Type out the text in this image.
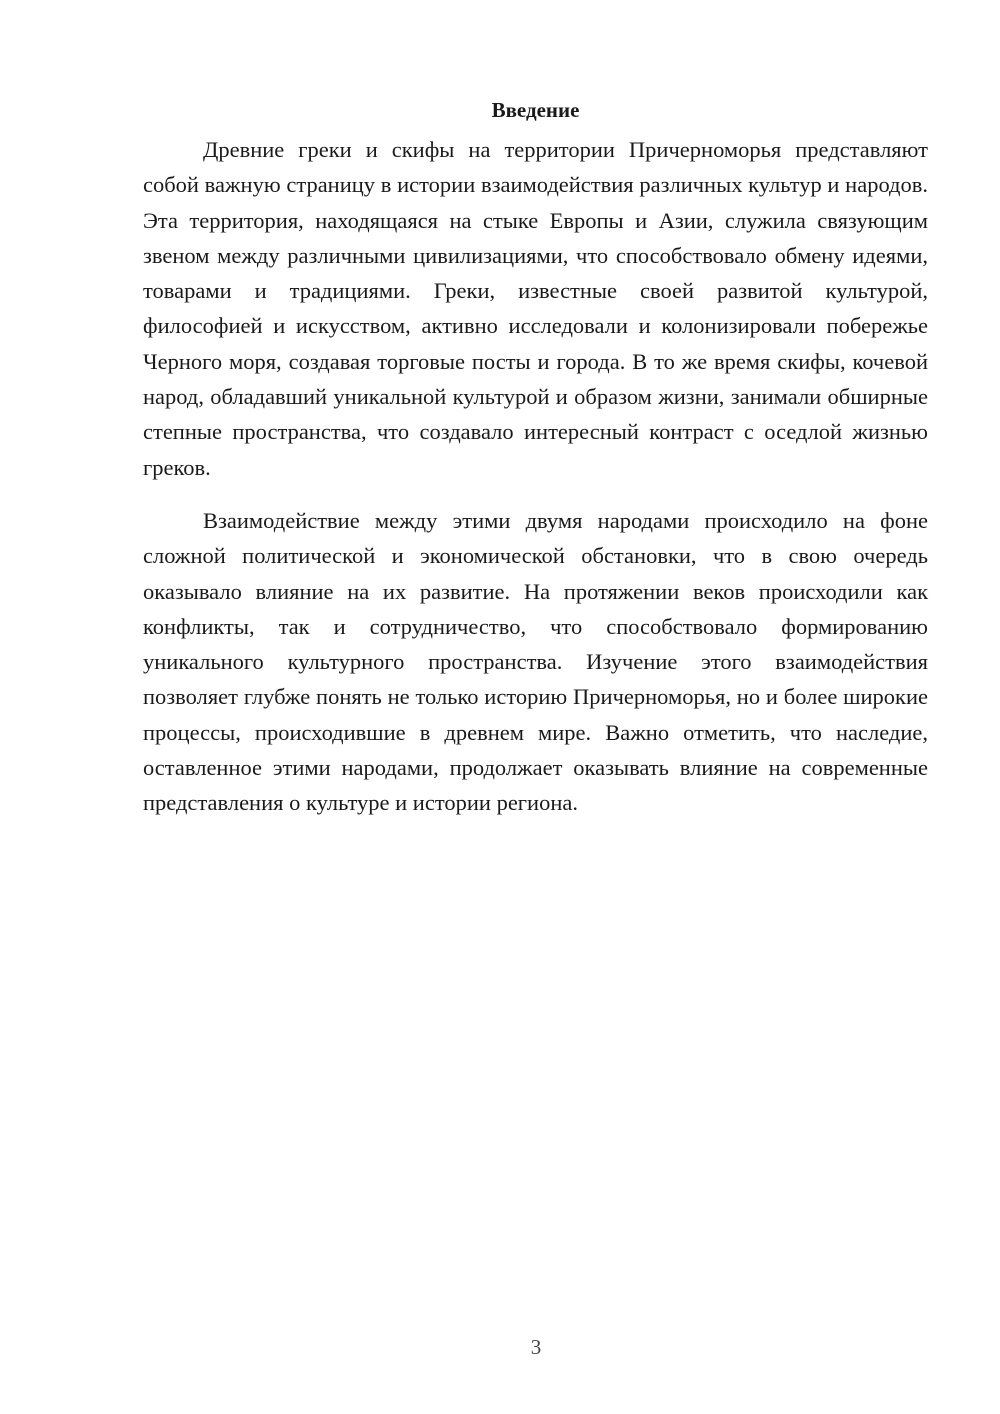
Введение

Древние греки и скифы на территории Причерноморья представляют собой важную страницу в истории взаимодействия различных культур и народов. Эта территория, находящаяся на стыке Европы и Азии, служила связующим звеном между различными цивилизациями, что способствовало обмену идеями, товарами и традициями. Греки, известные своей развитой культурой, философией и искусством, активно исследовали и колонизировали побережье Черного моря, создавая торговые посты и города. В то же время скифы, кочевой народ, обладавший уникальной культурой и образом жизни, занимали обширные степные пространства, что создавало интересный контраст с оседлой жизнью греков.

Взаимодействие между этими двумя народами происходило на фоне сложной политической и экономической обстановки, что в свою очередь оказывало влияние на их развитие. На протяжении веков происходили как конфликты, так и сотрудничество, что способствовало формированию уникального культурного пространства. Изучение этого взаимодействия позволяет глубже понять не только историю Причерноморья, но и более широкие процессы, происходившие в древнем мире. Важно отметить, что наследие, оставленное этими народами, продолжает оказывать влияние на современные представления о культуре и истории региона.

3
